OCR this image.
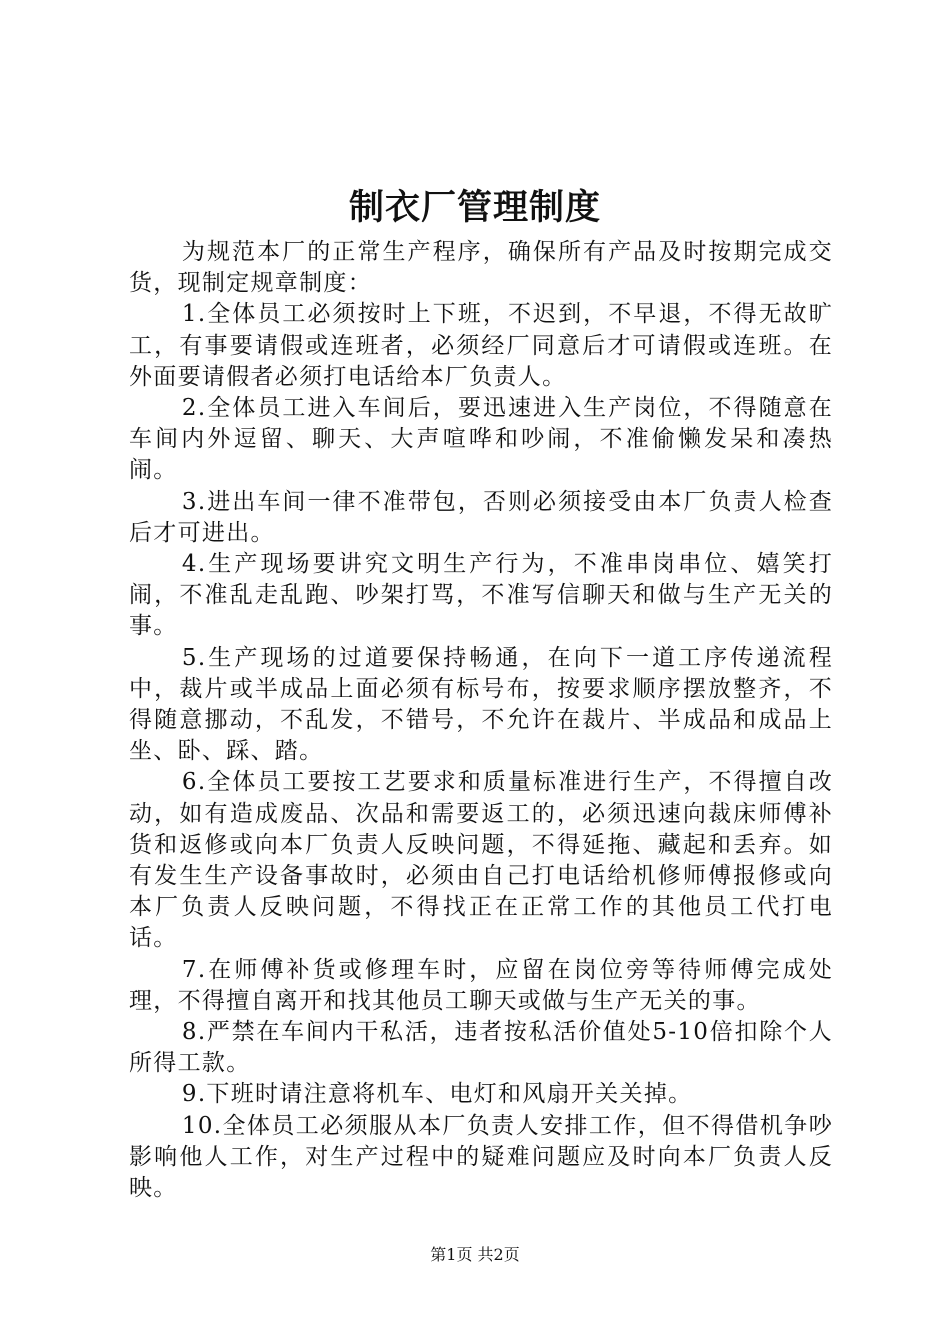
制衣厂管理制度

为规范本厂的正常生产程序，确保所有产品及时按期完成交货，现制定规章制度：

1.全体员工必须按时上下班，不迟到，不早退，不得无故旷工，有事要请假或连班者，必须经厂同意后才可请假或连班。在外面要请假者必须打电话给本厂负责人。

2.全体员工进入车间后，要迅速进入生产岗位，不得随意在车间内外逗留、聊天、大声喧哗和吵闹，不准偷懒发呆和凑热闹。

3.进出车间一律不准带包，否则必须接受由本厂负责人检查后才可进出。

4.生产现场要讲究文明生产行为，不准串岗串位、嬉笑打闹，不准乱走乱跑、吵架打骂，不准写信聊天和做与生产无关的事。

5.生产现场的过道要保持畅通，在向下一道工序传递流程中，裁片或半成品上面必须有标号布，按要求顺序摆放整齐，不得随意挪动，不乱发，不错号，不允许在裁片、半成品和成品上坐、卧、踩、踏。

6.全体员工要按工艺要求和质量标准进行生产，不得擅自改动，如有造成废品、次品和需要返工的，必须迅速向裁床师傅补货和返修或向本厂负责人反映问题，不得延拖、藏起和丢弃。如有发生生产设备事故时，必须由自己打电话给机修师傅报修或向本厂负责人反映问题，不得找正在正常工作的其他员工代打电话。

7.在师傅补货或修理车时，应留在岗位旁等待师傅完成处理，不得擅自离开和找其他员工聊天或做与生产无关的事。

8.严禁在车间内干私活，违者按私活价值处5-10倍扣除个人所得工款。

9.下班时请注意将机车、电灯和风扇开关关掉。

10.全体员工必须服从本厂负责人安排工作，但不得借机争吵影响他人工作，对生产过程中的疑难问题应及时向本厂负责人反映。

第1页 共2页
